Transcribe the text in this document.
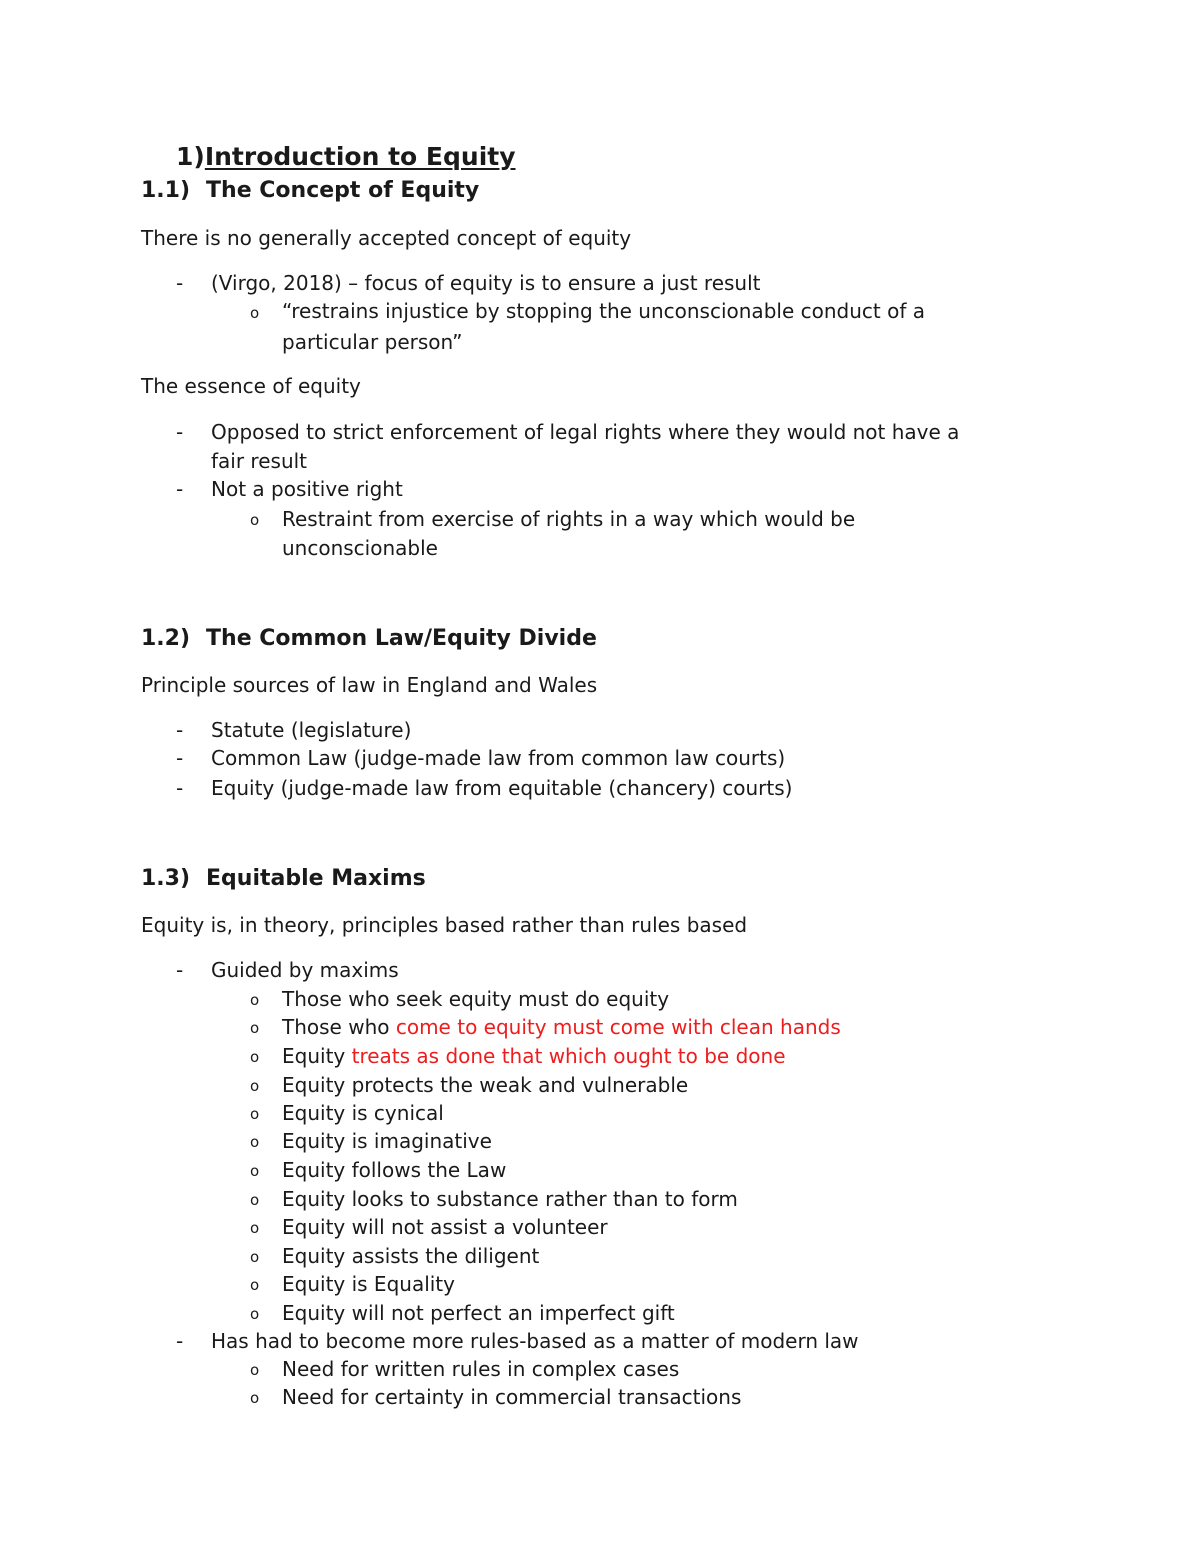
1)Introduction to Equity
1.1) The Concept of Equity
There is no generally accepted concept of equity
- (Virgo, 2018) – focus of equity is to ensure a just result
o “restrains injustice by stopping the unconscionable conduct of a
particular person”
The essence of equity
- Opposed to strict enforcement of legal rights where they would not have a
fair result
- Not a positive right
o Restraint from exercise of rights in a way which would be
unconscionable
1.2) The Common Law/Equity Divide
Principle sources of law in England and Wales
- Statute (legislature)
- Common Law (judge-made law from common law courts)
- Equity (judge-made law from equitable (chancery) courts)
1.3) Equitable Maxims
Equity is, in theory, principles based rather than rules based
- Guided by maxims
o Those who seek equity must do equity
o Those who come to equity must come with clean hands
o Equity treats as done that which ought to be done
o Equity protects the weak and vulnerable
o Equity is cynical
o Equity is imaginative
o Equity follows the Law
o Equity looks to substance rather than to form
o Equity will not assist a volunteer
o Equity assists the diligent
o Equity is Equality
o Equity will not perfect an imperfect gift
- Has had to become more rules-based as a matter of modern law
o Need for written rules in complex cases
o Need for certainty in commercial transactions
